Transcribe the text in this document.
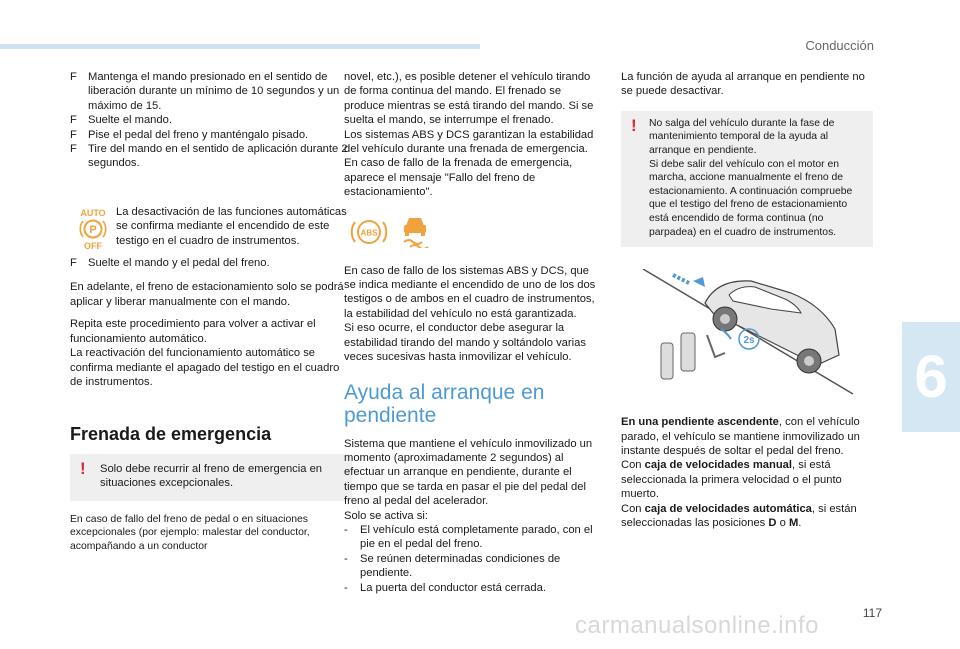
Conducción
6
117
F Mantenga el mando presionado en el sentido de liberación durante un mínimo de 10 segundos y un máximo de 15.
F Suelte el mando.
F Pise el pedal del freno y manténgalo pisado.
F Tire del mando en el sentido de aplicación durante 2 segundos.
AUTO
P
OFF
La desactivación de las funciones automáticas se confirma mediante el encendido de este testigo en el cuadro de instrumentos.
F Suelte el mando y el pedal del freno.

En adelante, el freno de estacionamiento solo se podrá aplicar y liberar manualmente con el mando.

Repita este procedimiento para volver a activar el funcionamiento automático.

La reactivación del funcionamiento automático se confirma mediante el apagado del testigo en el cuadro de instrumentos.

Frenada de emergencia
! Solo debe recurrir al freno de emergencia en situaciones excepcionales.

En caso de fallo del freno de pedal o en situaciones excepcionales (por ejemplo: malestar del conductor, acompañando a un conductor

novel, etc.), es posible detener el vehículo tirando de forma continua del mando. El frenado se produce mientras se está tirando del mando. Si se suelta el mando, se interrumpe el frenado.

Los sistemas ABS y DCS garantizan la estabilidad del vehículo durante una frenada de emergencia.

En caso de fallo de la frenada de emergencia, aparece el mensaje "Fallo del freno de estacionamiento".

ABS

En caso de fallo de los sistemas ABS y DCS, que se indica mediante el encendido de uno de los dos testigos o de ambos en el cuadro de instrumentos, la estabilidad del vehículo no está garantizada.

Si eso ocurre, el conductor debe asegurar la estabilidad tirando del mando y soltándolo varias veces sucesivas hasta inmovilizar el vehículo.

Ayuda al arranque en pendiente

Sistema que mantiene el vehículo inmovilizado un momento (aproximadamente 2 segundos) al efectuar un arranque en pendiente, durante el tiempo que se tarda en pasar el pie del pedal del freno al pedal del acelerador.

Solo se activa si:

- El vehículo está completamente parado, con el pie en el pedal del freno.
- Se reúnen determinadas condiciones de pendiente.
- La puerta del conductor está cerrada.

La función de ayuda al arranque en pendiente no se puede desactivar.

! No salga del vehículo durante la fase de mantenimiento temporal de la ayuda al arranque en pendiente.
Si debe salir del vehículo con el motor en marcha, accione manualmente el freno de estacionamiento. A continuación compruebe que el testigo del freno de estacionamiento está encendido de forma continua (no parpadea) en el cuadro de instrumentos.
2s

En una pendiente ascendente, con el vehículo parado, el vehículo se mantiene inmovilizado un instante después de soltar el pedal del freno.

Con caja de velocidades manual, si está seleccionada la primera velocidad o el punto muerto.

Con caja de velocidades automática, si están seleccionadas las posiciones D o M.

carmanualsonline.info
